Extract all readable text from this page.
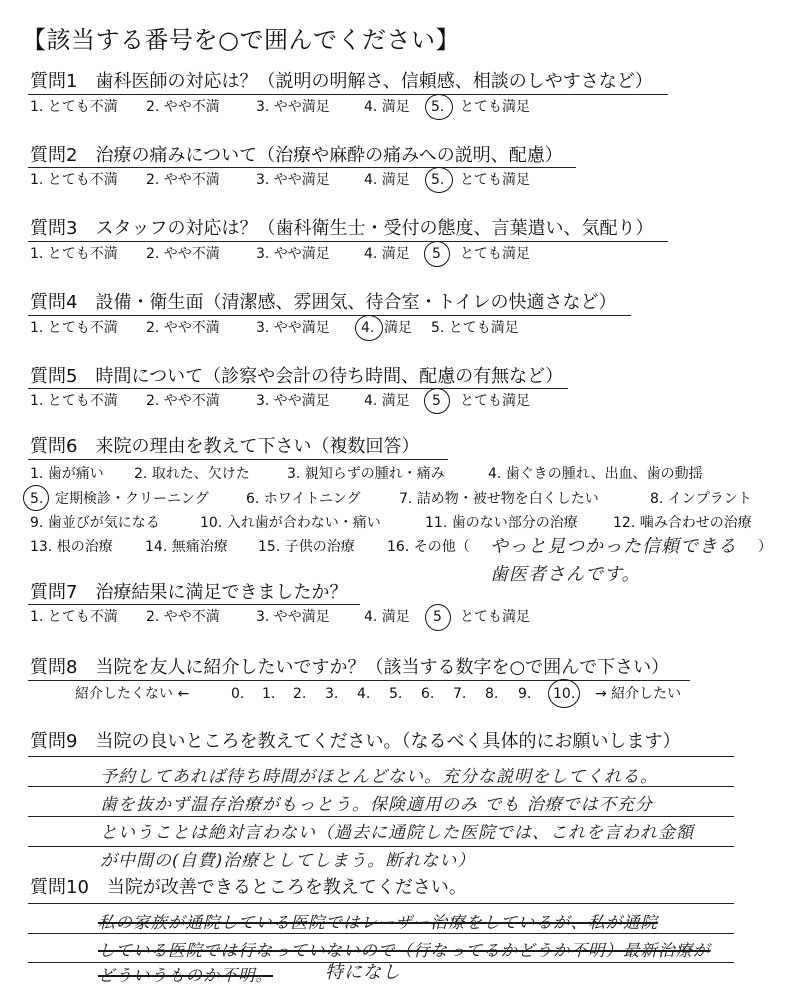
【該当する番号を○で囲んでください】
質問1　歯科医師の対応は？（説明の明解さ、信頼感、相談のしやすさなど）
1. とても不満 2. やや不満	3. やや満足 4. 満足 5. とても満足
質問2　治療の痛みについて（治療や麻酔の痛みへの説明、配慮）
1. とても不満 2. やや不満	3. やや満足 4. 満足 5. とても満足
質問3　スタッフの対応は？（歯科衛生士・受付の態度、言葉遣い、気配り）
1. とても不満 2. やや不満	3. やや満足 4. 満足 5 とても満足
質問4　設備・衛生面（清潔感、雰囲気、待合室・トイレの快適さなど）
1. とても不満 2. やや不満	3. やや満足 4. 満足 5. とても満足
質問5　時間について（診察や会計の待ち時間、配慮の有無など）
1. とても不満 2. やや不満	3. やや満足 4. 満足 5 とても満足
質問6　来院の理由を教えて下さい（複数回答）
1. 歯が痛い 2. 取れた、欠けた	3. 親知らずの腫れ・痛み	4. 歯ぐきの腫れ、出血、歯の動揺
5. 定期検診・クリーニング	6. ホワイトニング	7. 詰め物・被せ物を白くしたい	8. インプラント
9. 歯並びが気になる	10. 入れ歯が合わない・痛い	11. 歯のない部分の治療	12. 噛み合わせの治療
13. 根の治療 14. 無痛治療 15. 子供の治療 16. その他（	）
やっと見つかった信頼できる
歯医者さんです。
質問7　治療結果に満足できましたか？
1. とても不満 2. やや不満	3. やや満足 4. 満足 5 とても満足
質問8　当院を友人に紹介したいですか？（該当する数字を○で囲んで下さい）
紹介したくない ←	0. 1. 2. 3. 4. 5. 6. 7. 8. 9. 10. → 紹介したい
質問9　当院の良いところを教えてください。（なるべく具体的にお願いします）
予約してあれば待ち時間がほとんどない。充分な説明をしてくれる。
歯を抜かず温存治療がもっとう。保険適用のみ でも 治療では不充分
ということは絶対言わない（過去に通院した医院では、これを言われ金額
が中間の(自費)治療としてしまう。断れない）
質問10　当院が改善できるところを教えてください。
私の家族が通院している医院ではレーザー治療をしているが、私が通院
している医院では行なっていないので（行なってるかどうか不明）最新治療が
どういうものか不明。	特になし
